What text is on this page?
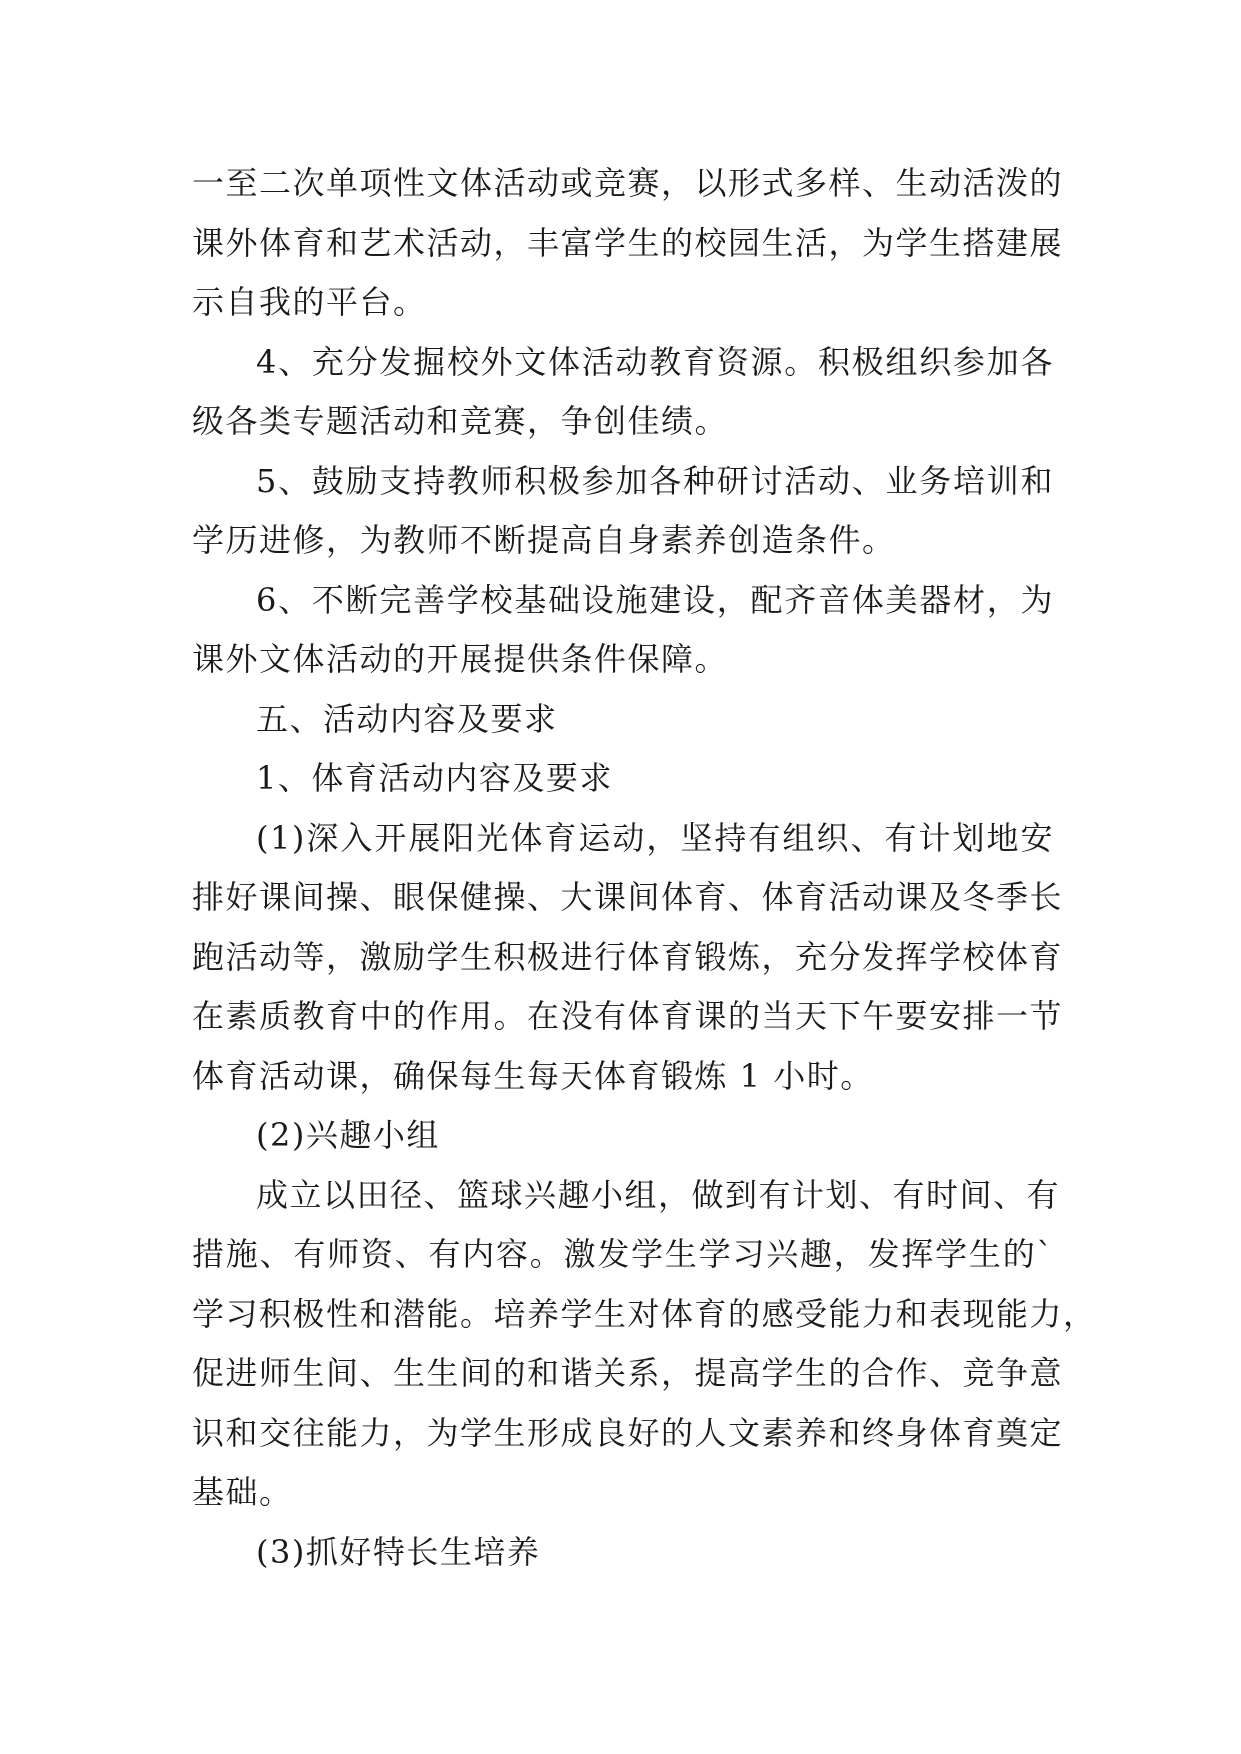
一至二次单项性文体活动或竞赛，以形式多样、生动活泼的
课外体育和艺术活动，丰富学生的校园生活，为学生搭建展
示自我的平台。
4、充分发掘校外文体活动教育资源。积极组织参加各
级各类专题活动和竞赛，争创佳绩。
5、鼓励支持教师积极参加各种研讨活动、业务培训和
学历进修，为教师不断提高自身素养创造条件。
6、不断完善学校基础设施建设，配齐音体美器材，为
课外文体活动的开展提供条件保障。
五、活动内容及要求
1、体育活动内容及要求
(1)深入开展阳光体育运动，坚持有组织、有计划地安
排好课间操、眼保健操、大课间体育、体育活动课及冬季长
跑活动等，激励学生积极进行体育锻炼，充分发挥学校体育
在素质教育中的作用。在没有体育课的当天下午要安排一节
体育活动课，确保每生每天体育锻炼 1 小时。
(2)兴趣小组
成立以田径、篮球兴趣小组，做到有计划、有时间、有
措施、有师资、有内容。激发学生学习兴趣，发挥学生的`
学习积极性和潜能。培养学生对体育的感受能力和表现能力，
促进师生间、生生间的和谐关系，提高学生的合作、竞争意
识和交往能力，为学生形成良好的人文素养和终身体育奠定
基础。
(3)抓好特长生培养
